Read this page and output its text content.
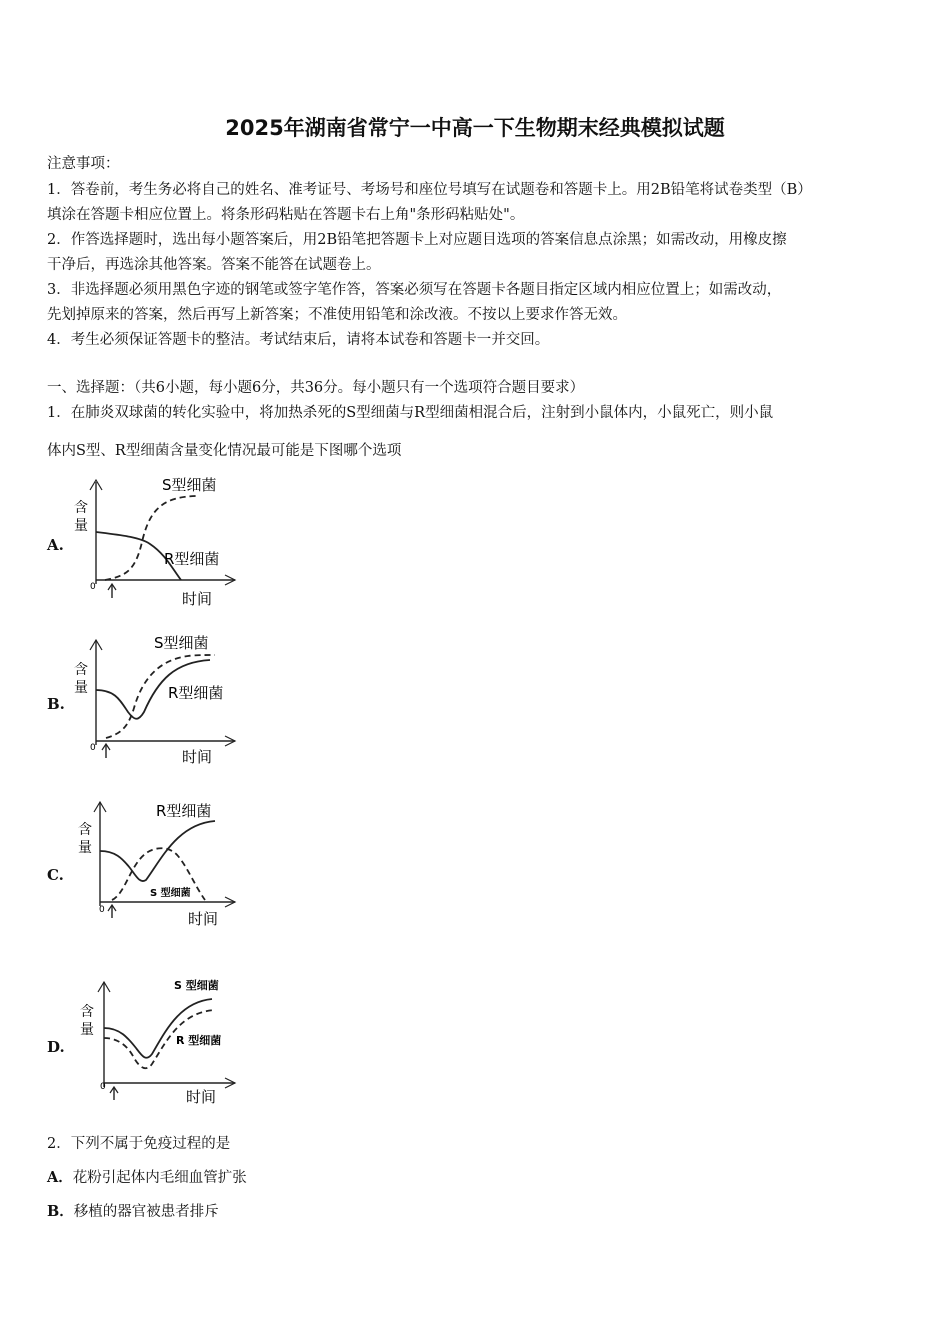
2025年湖南省常宁一中高一下生物期末经典模拟试题
注意事项：
1．答卷前，考生务必将自己的姓名、准考证号、考场号和座位号填写在试题卷和答题卡上。用2B铅笔将试卷类型（B）
填涂在答题卡相应位置上。将条形码粘贴在答题卡右上角"条形码粘贴处"。
2．作答选择题时，选出每小题答案后，用2B铅笔把答题卡上对应题目选项的答案信息点涂黑；如需改动，用橡皮擦
干净后，再选涂其他答案。答案不能答在试题卷上。
3．非选择题必须用黑色字迹的钢笔或签字笔作答，答案必须写在答题卡各题目指定区域内相应位置上；如需改动，
先划掉原来的答案，然后再写上新答案；不准使用铅笔和涂改液。不按以上要求作答无效。
4．考生必须保证答题卡的整洁。考试结束后，请将本试卷和答题卡一并交回。
一、选择题：（共6小题，每小题6分，共36分。每小题只有一个选项符合题目要求）
1．在肺炎双球菌的转化实验中，将加热杀死的S型细菌与R型细菌相混合后，注射到小鼠体内，小鼠死亡，则小鼠
体内S型、R型细菌含量变化情况最可能是下图哪个选项
A.
含
量
0
时间
S型细菌
R型细菌
B.
含
量
0	时间
S型细菌
R型细菌
C.
含
量
0	时间
R型细菌
S 型细菌
D.
含
量
0
时间
S 型细菌
R 型细菌
2．下列不属于免疫过程的是
A．花粉引起体内毛细血管扩张
B．移植的器官被患者排斥
